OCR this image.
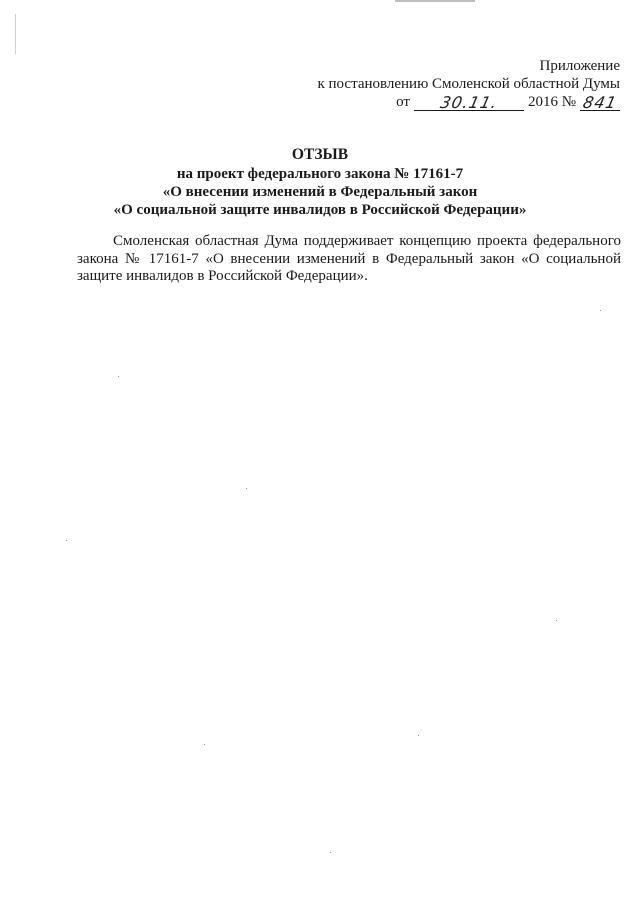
Приложение
к постановлению Смоленской областной Думы
от	30.11.	2016 № 841
ОТЗЫВ
на проект федерального закона № 17161-7
«О внесении изменений в Федеральный закон
«О социальной защите инвалидов в Российской Федерации»
Смоленская областная Дума поддерживает концепцию проекта федерального закона № 17161-7 «О внесении изменений в Федеральный закон «О социальной защите инвалидов в Российской Федерации».
